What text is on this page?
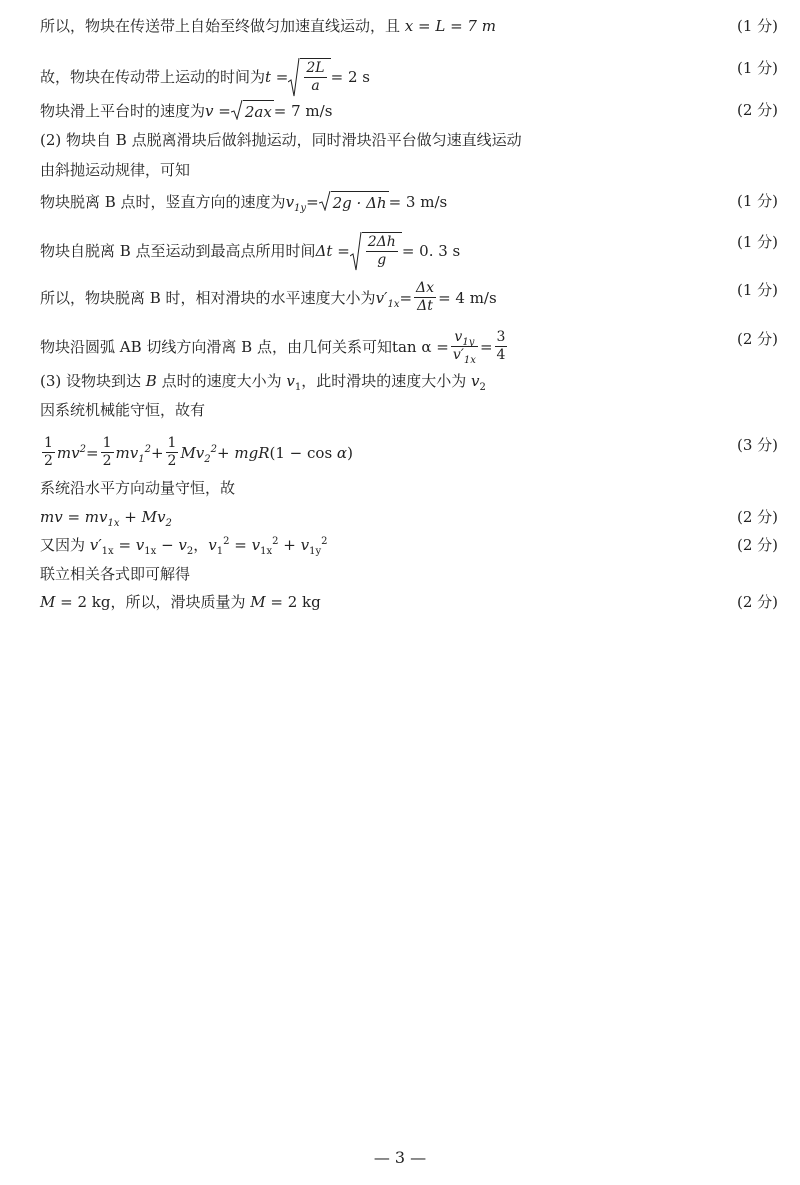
所以，物块在传送带上自始至终做匀加速直线运动，且 x = L = 7 m	(1 分)
故，物块在传动带上运动的时间为$t = \frac{2L}{a} = 2$ s	(1 分)
物块滑上平台时的速度为v =
2ax= 7 m/s	(2 分)
(2) 物块自 B 点脱离滑块后做斜抛运动，同时滑块沿平台做匀速直线运动
由斜抛运动规律，可知
物块脱离 B 点时，竖直方向的速度为$v_{1y}=$
2g · Δh= 3 m/s	(1 分)
物块自脱离 B 点至运动到最高点所用时间$\Delta t = \frac{2\Delta h}{g} = 0$. 3 s	(1 分)
所以，物块脱离 B 时，相对滑块的水平速度大小为$v'_{1x}= \frac{\Delta x}{\Delta t} = 4$ m/s	(1 分)
物块沿圆弧 AB 切线方向滑离 B 点，由几何关系可知$\tan \alpha = \frac{v_{1y}}{v'_{1x}} = \frac{3}{4}$	(2 分)
(3) 设物块到达 B 点时的速度大小为 $v_1$，此时滑块的速度大小为 $v_2$
因系统机械能守恒，故有
$\frac{1}{2} mv^2= \frac{1}{2} mv_1^2+ \frac{1}{2} Mv_2^2+ mgR(1 - \cos \alpha)$	(3 分)
系统沿水平方向动量守恒，故
mv = $mv_{1x} + Mv_2$	(2 分)
又因为 $v'_{1x} = v_{1x} - v_2$，$v_1^2 = v_{1x}^2 + v_{1y}^2$	(2 分)
联立相关各式即可解得
M = 2 kg，所以，滑块质量为 M = 2 kg	(2 分)
— 3 —
